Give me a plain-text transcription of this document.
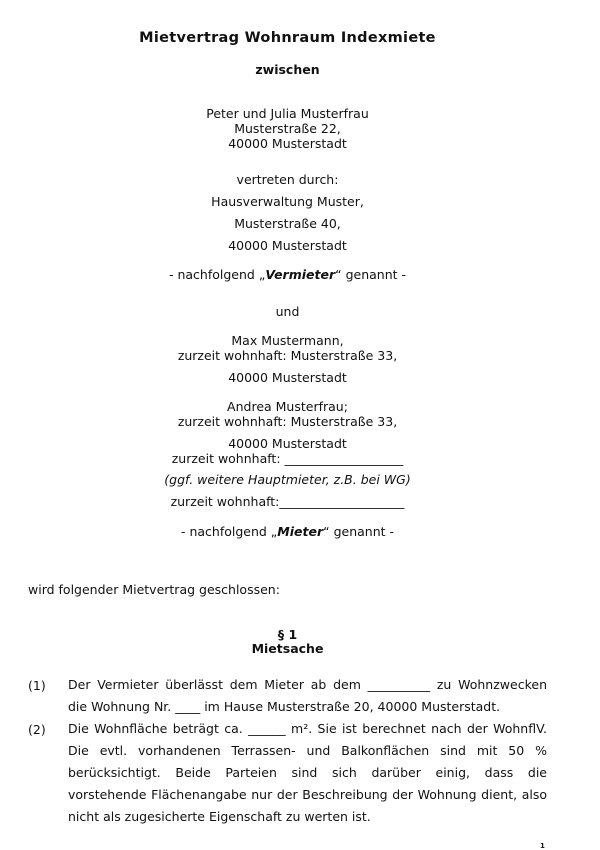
Mietvertrag Wohnraum Indexmiete
zwischen
Peter und Julia Musterfrau
Musterstraße 22,
40000 Musterstadt
vertreten durch:
Hausverwaltung Muster,
Musterstraße 40,
40000 Musterstadt
- nachfolgend „Vermieter“ genannt -
und
Max Mustermann,
zurzeit wohnhaft: Musterstraße 33,
40000 Musterstadt
Andrea Musterfrau;
zurzeit wohnhaft: Musterstraße 33,
40000 Musterstadt
zurzeit wohnhaft: ___________________
(ggf. weitere Hauptmieter, z.B. bei WG)
zurzeit wohnhaft:____________________
- nachfolgend „Mieter“ genannt -
wird folgender Mietvertrag geschlossen:
§ 1
Mietsache
(1) Der Vermieter überlässt dem Mieter ab dem __________ zu Wohnzwecken
die Wohnung Nr. ____ im Hause Musterstraße 20, 40000 Musterstadt.
(2) Die Wohnfläche beträgt ca. ______ m². Sie ist berechnet nach der WohnflV.
Die evtl. vorhandenen Terrassen- und Balkonflächen sind mit 50 %
berücksichtigt. Beide Parteien sind sich darüber einig, dass die
vorstehende Flächenangabe nur der Beschreibung der Wohnung dient, also
nicht als zugesicherte Eigenschaft zu werten ist.
1
